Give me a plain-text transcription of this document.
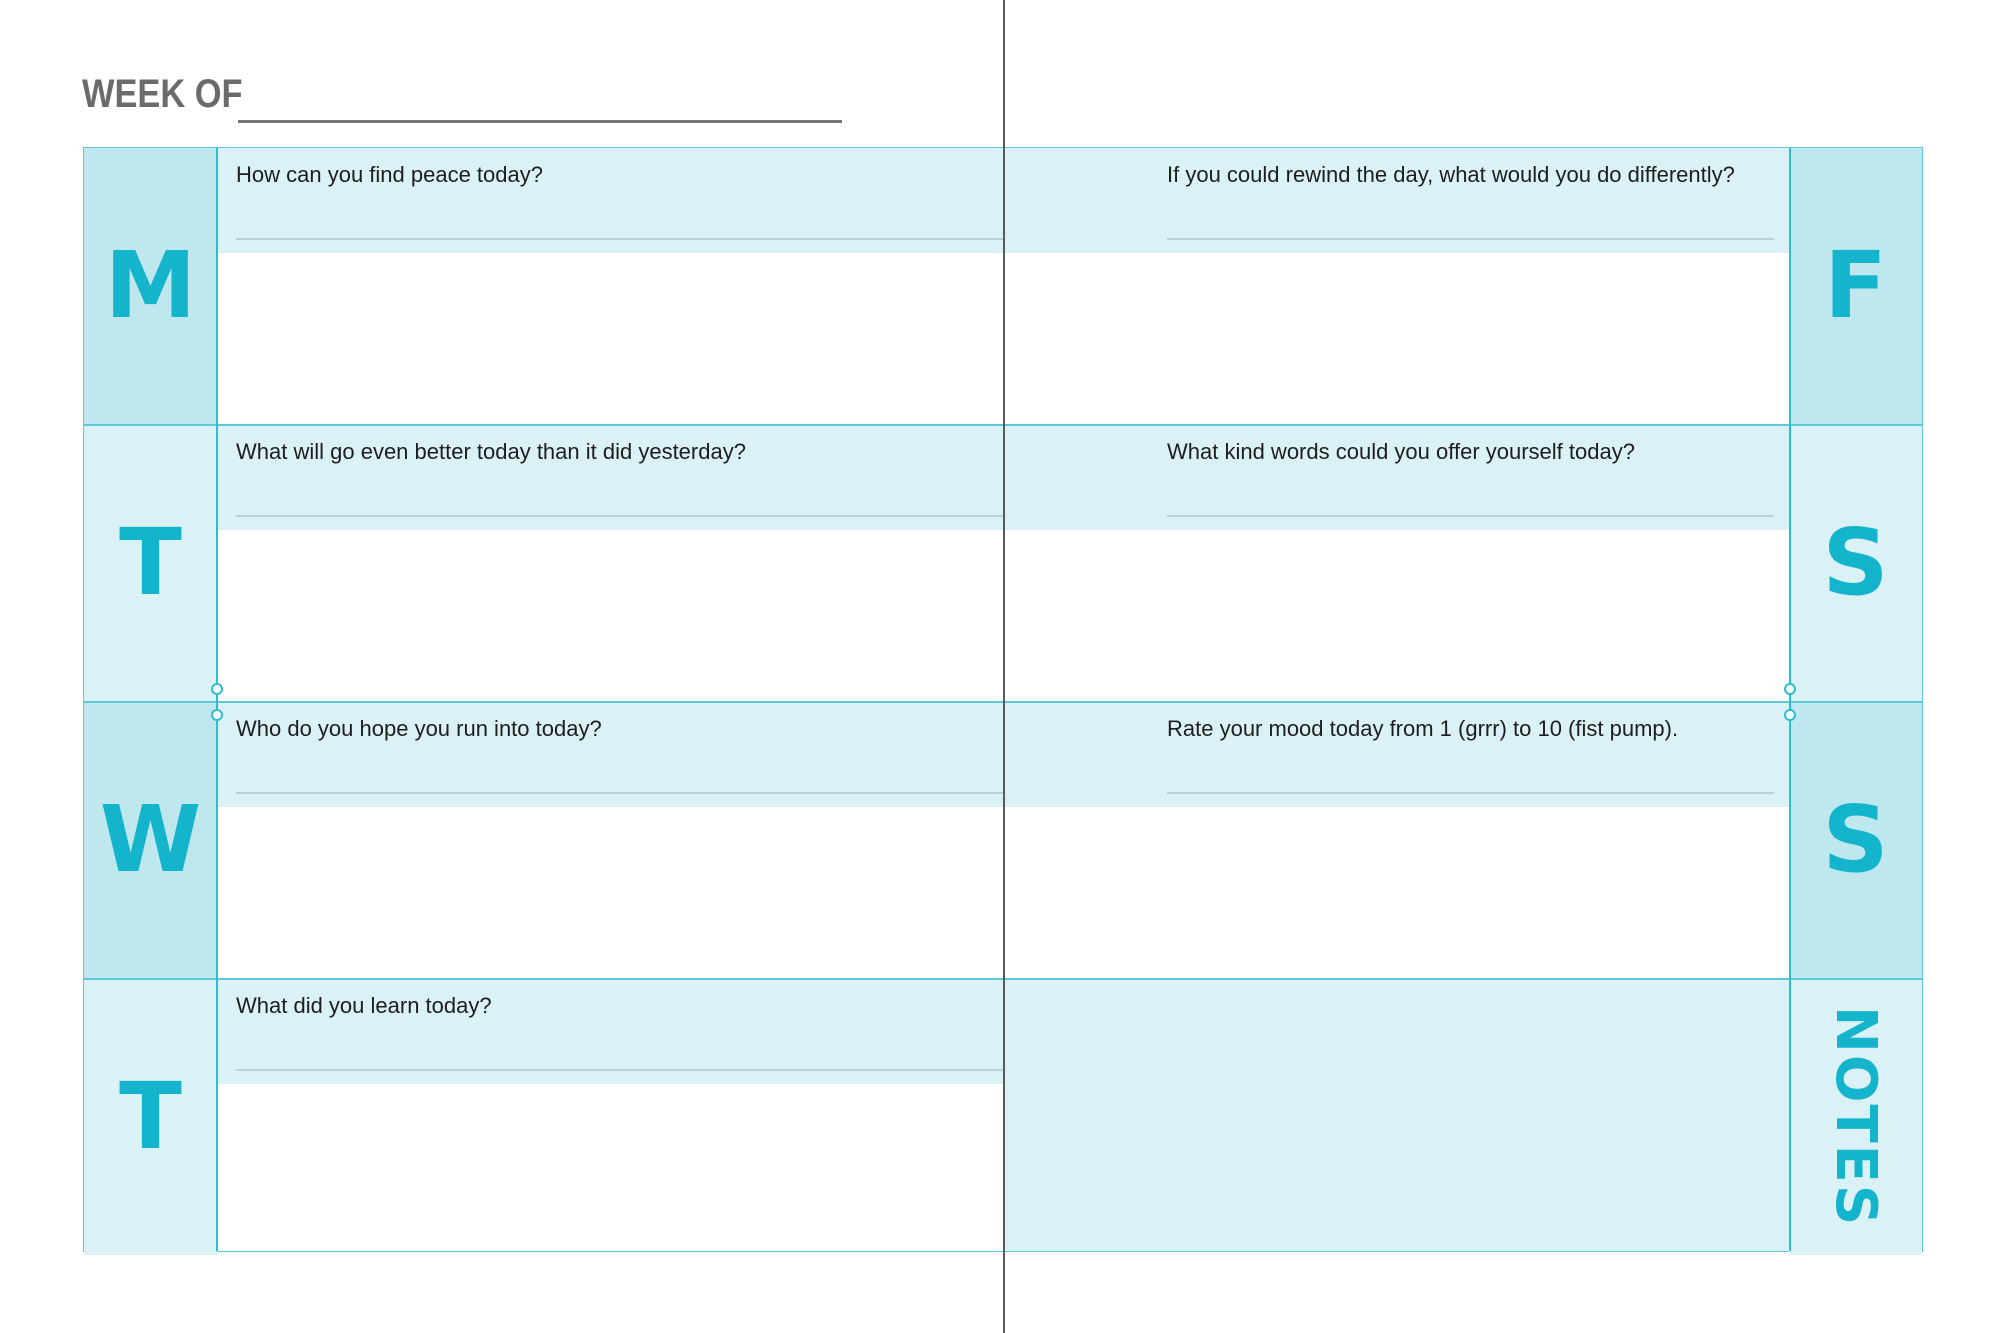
WEEK OF
M
T
W
T
F
S
S
NOTES
How can you find peace today?
What will go even better today than it did yesterday?
Who do you hope you run into today?
What did you learn today?
If you could rewind the day, what would you do differently?
What kind words could you offer yourself today?
Rate your mood today from 1 (grrr) to 10 (fist pump).
